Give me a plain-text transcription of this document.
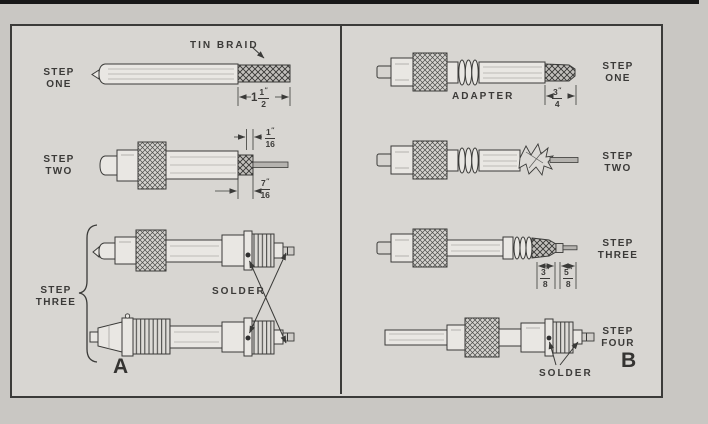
STEP
ONE
STEP
TWO
STEP
THREE
TIN BRAID
SOLDER
A
$1 \frac{1 ''}{2}$
$\frac{1 ''}{16}$
$\frac{7 ''}{16}$
STEP
ONE
STEP
TWO
STEP
THREE
STEP
FOUR
ADAPTER
SOLDER
B
$\frac{3 ''}{4}$
$\frac{3 ''}{8} \frac{5 ''}{8}$
